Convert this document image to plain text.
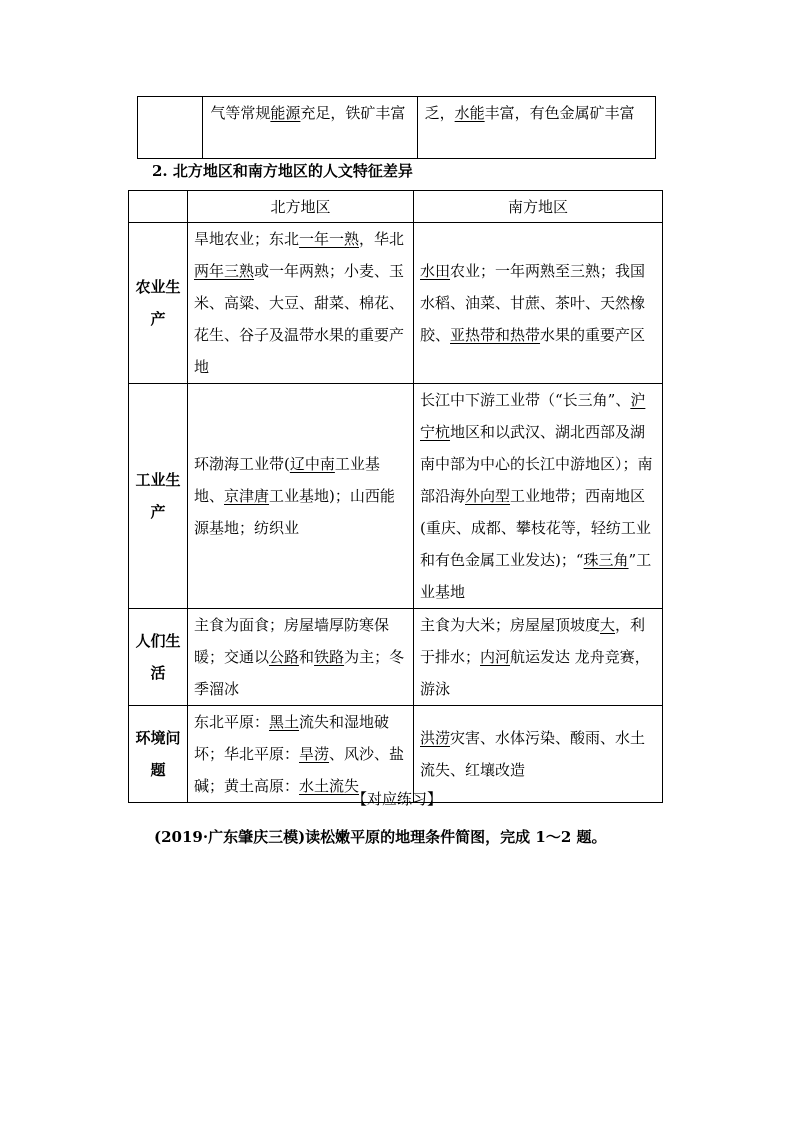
	气等常规能源充足，铁矿丰富	乏，水能丰富，有色金属矿丰富
2. 北方地区和南方地区的人文特征差异
	北方地区	南方地区
农业生产	旱地农业；东北一年一熟，华北两年三熟或一年两熟；小麦、玉米、高粱、大豆、甜菜、棉花、花生、谷子及温带水果的重要产地	水田农业；一年两熟至三熟；我国水稻、油菜、甘蔗、茶叶、天然橡胶、亚热带和热带水果的重要产区
工业生产	环渤海工业带(辽中南工业基地、京津唐工业基地)；山西能源基地；纺织业	长江中下游工业带（“长三角”、沪宁杭地区和以武汉、湖北西部及湖南中部为中心的长江中游地区）；南部沿海外向型工业地带；西南地区(重庆、成都、攀枝花等，轻纺工业和有色金属工业发达)；“珠三角”工业基地
人们生活	主食为面食；房屋墙厚防寒保暖；交通以公路和铁路为主；冬季溜冰	主食为大米；房屋屋顶坡度大，利于排水；内河航运发达 龙舟竞赛，游泳
环境问题	东北平原：黑土流失和湿地破坏；华北平原：旱涝、风沙、盐碱；黄土高原：水土流失	洪涝灾害、水体污染、酸雨、水土流失、红壤改造
【对应练习】
(2019·广东肇庆三模)读松嫩平原的地理条件简图，完成 1～2 题。
